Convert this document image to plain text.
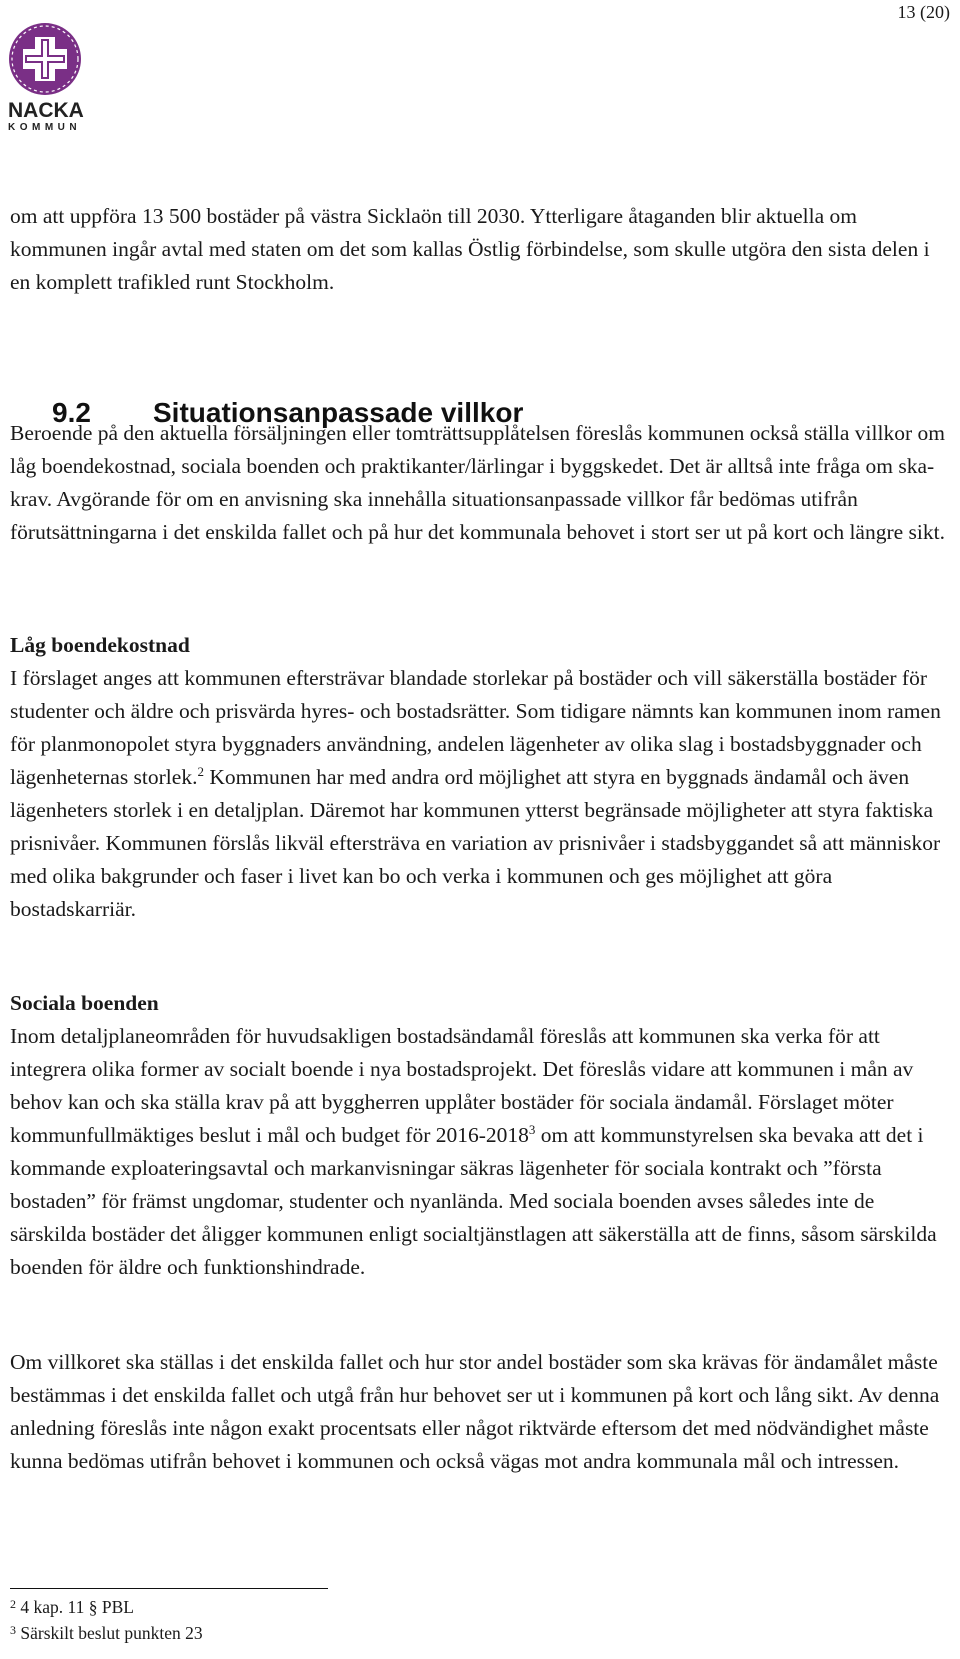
13 (20)
NACKA
KOMMUN

om att uppföra 13 500 bostäder på västra Sicklaön till 2030. Ytterligare åtaganden blir aktuella om kommunen ingår avtal med staten om det som kallas Östlig förbindelse, som skulle utgöra den sista delen i en komplett trafikled runt Stockholm.

9.2 Situationsanpassade villkor

Beroende på den aktuella försäljningen eller tomträttsupplåtelsen föreslås kommunen också ställa villkor om låg boendekostnad, sociala boenden och praktikanter/lärlingar i byggskedet. Det är alltså inte fråga om ska-krav. Avgörande för om en anvisning ska innehålla situationsanpassade villkor får bedömas utifrån förutsättningarna i det enskilda fallet och på hur det kommunala behovet i stort ser ut på kort och längre sikt.

Låg boendekostnad

I förslaget anges att kommunen eftersträvar blandade storlekar på bostäder och vill säkerställa bostäder för studenter och äldre och prisvärda hyres- och bostadsrätter. Som tidigare nämnts kan kommunen inom ramen för planmonopolet styra byggnaders användning, andelen lägenheter av olika slag i bostadsbyggnader och lägenheternas storlek.$^2$ Kommunen har med andra ord möjlighet att styra en byggnads ändamål och även lägenheters storlek i en detaljplan. Däremot har kommunen ytterst begränsade möjligheter att styra faktiska prisnivåer. Kommunen förslås likväl eftersträva en variation av prisnivåer i stadsbyggandet så att människor med olika bakgrunder och faser i livet kan bo och verka i kommunen och ges möjlighet att göra bostadskarriär.

Sociala boenden

Inom detaljplaneområden för huvudsakligen bostadsändamål föreslås att kommunen ska verka för att integrera olika former av socialt boende i nya bostadsprojekt. Det föreslås vidare att kommunen i mån av behov kan och ska ställa krav på att byggherren upplåter bostäder för sociala ändamål. Förslaget möter kommunfullmäktiges beslut i mål och budget för 2016-2018$^3$ om att kommunstyrelsen ska bevaka att det i kommande exploateringsavtal och markanvisningar säkras lägenheter för sociala kontrakt och ”första bostaden” för främst ungdomar, studenter och nyanlända. Med sociala boenden avses således inte de särskilda bostäder det åligger kommunen enligt socialtjänstlagen att säkerställa att de finns, såsom särskilda boenden för äldre och funktionshindrade.

Om villkoret ska ställas i det enskilda fallet och hur stor andel bostäder som ska krävas för ändamålet måste bestämmas i det enskilda fallet och utgå från hur behovet ser ut i kommunen på kort och lång sikt. Av denna anledning föreslås inte någon exakt procentsats eller något riktvärde eftersom det med nödvändighet måste kunna bedömas utifrån behovet i kommunen och också vägas mot andra kommunala mål och intressen.

$^2$ 4 kap. 11 § PBL
$^3$ Särskilt beslut punkten 23
